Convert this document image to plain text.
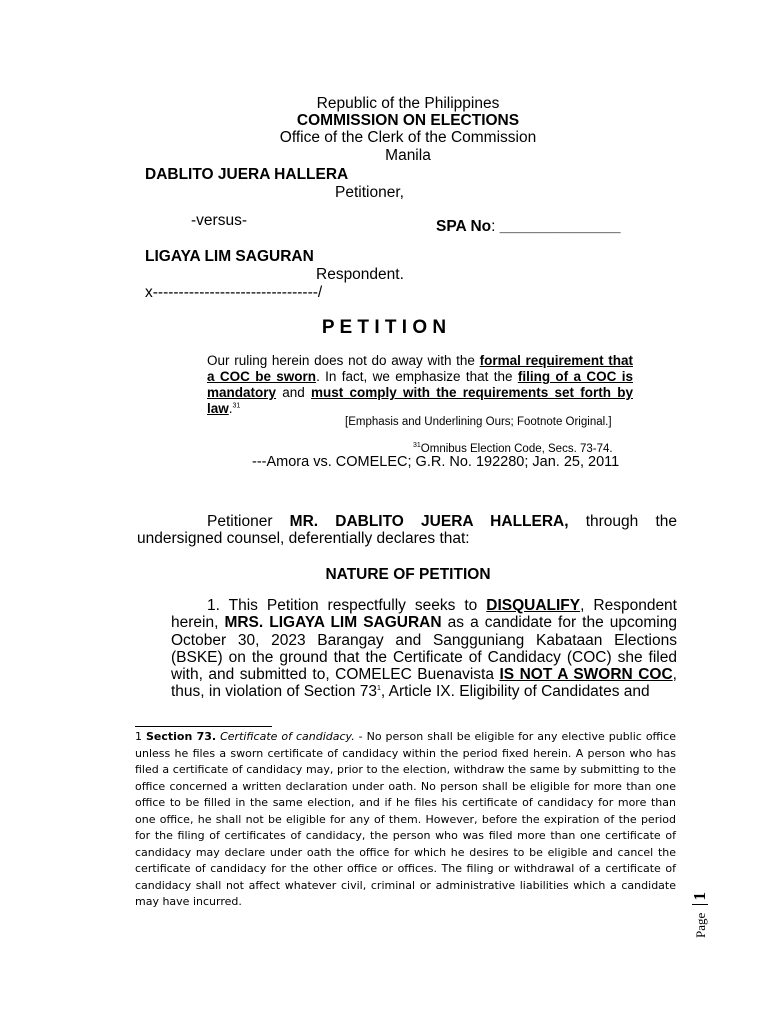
Republic of the Philippines

COMMISSION ON ELECTIONS

Office of the Clerk of the Commission

Manila

DABLITO JUERA HALLERA

Petitioner,

-versus-	SPA No: ______________

LIGAYA LIM SAGURAN

Respondent.

x--------------------------------/

P E T I T I O N

Our ruling herein does not do away with the formal requirement that a COC be sworn. In fact, we emphasize that the filing of a COC is mandatory and must comply with the requirements set forth by law.$^{31}$

[Emphasis and Underlining Ours; Footnote Original.]

$^{31}$Omnibus Election Code, Secs. 73-74.

---Amora vs. COMELEC; G.R. No. 192280; Jan. 25, 2011

Petitioner MR. DABLITO JUERA HALLERA, through the undersigned counsel, deferentially declares that:

NATURE OF PETITION

1. This Petition respectfully seeks to DISQUALIFY, Respondent herein, MRS. LIGAYA LIM SAGURAN as a candidate for the upcoming October 30, 2023 Barangay and Sangguniang Kabataan Elections (BSKE) on the ground that the Certificate of Candidacy (COC) she filed with, and submitted to, COMELEC Buenavista IS NOT A SWORN COC, thus, in violation of Section $73^1$, Article IX. Eligibility of Candidates and

1 Section 73. Certificate of candidacy. - No person shall be eligible for any elective public office unless he files a sworn certificate of candidacy within the period fixed herein. A person who has filed a certificate of candidacy may, prior to the election, withdraw the same by submitting to the office concerned a written declaration under oath. No person shall be eligible for more than one office to be filled in the same election, and if he files his certificate of candidacy for more than one office, he shall not be eligible for any of them. However, before the expiration of the period for the filing of certificates of candidacy, the person who was filed more than one certificate of candidacy may declare under oath the office for which he desires to be eligible and cancel the certificate of candidacy for the other office or offices. The filing or withdrawal of a certificate of candidacy shall not affect whatever civil, criminal or administrative liabilities which a candidate may have incurred.

Page 1
